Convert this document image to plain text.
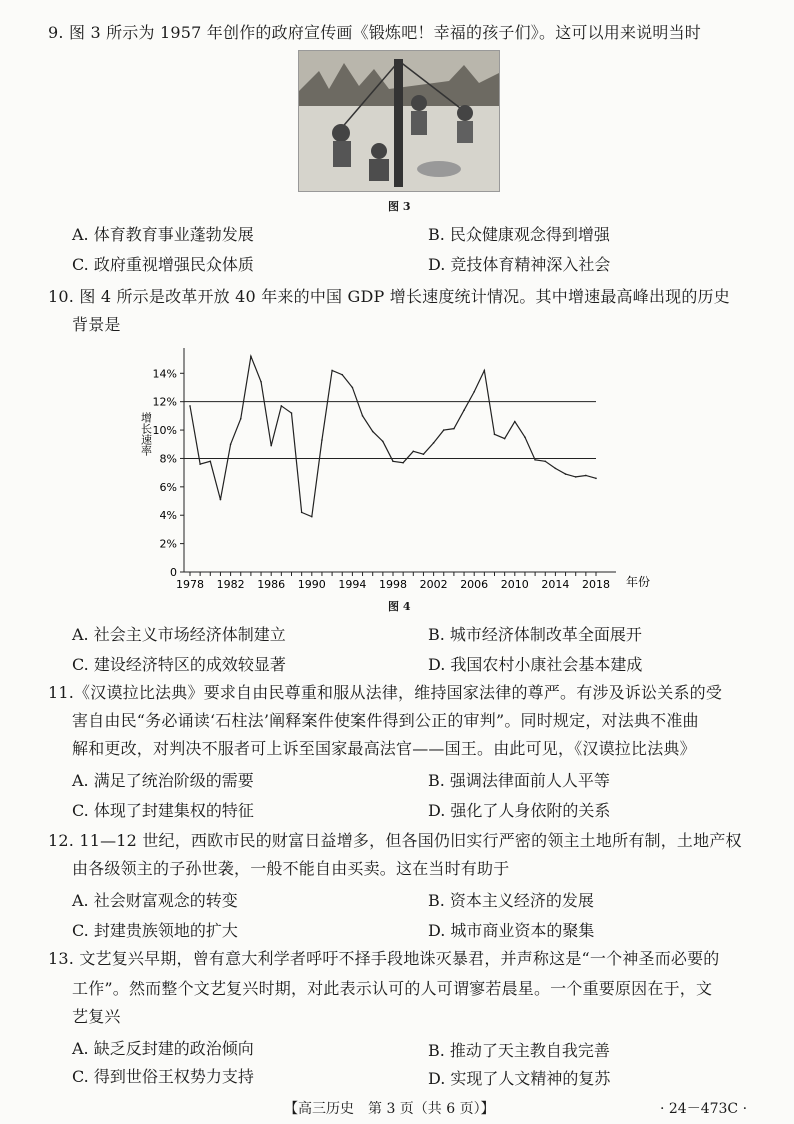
9. 图 3 所示为 1957 年创作的政府宣传画《锻炼吧！幸福的孩子们》。这可以用来说明当时
图 3
A. 体育教育事业蓬勃发展	B. 民众健康观念得到增强
C. 政府重视增强民众体质	D. 竞技体育精神深入社会
10. 图 4 所示是改革开放 40 年来的中国 GDP 增长速度统计情况。其中增速最高峰出现的历史
背景是
增长速率
年份
0
2%
4%
6%
8%
10%
12%
14%
1978 1982 1986 1990 1994 1998 2002 2006 2010 2014 2018
图 4
A. 社会主义市场经济体制建立	B. 城市经济体制改革全面展开
C. 建设经济特区的成效较显著	D. 我国农村小康社会基本建成
11.《汉谟拉比法典》要求自由民尊重和服从法律，维持国家法律的尊严。有涉及诉讼关系的受
害自由民“务必诵读‘石柱法’阐释案件使案件得到公正的审判”。同时规定，对法典不准曲
解和更改，对判决不服者可上诉至国家最高法官——国王。由此可见，《汉谟拉比法典》
A. 满足了统治阶级的需要	B. 强调法律面前人人平等
C. 体现了封建集权的特征	D. 强化了人身依附的关系
12. 11—12 世纪，西欧市民的财富日益增多，但各国仍旧实行严密的领主土地所有制，土地产权
由各级领主的子孙世袭，一般不能自由买卖。这在当时有助于
A. 社会财富观念的转变	B. 资本主义经济的发展
C. 封建贵族领地的扩大	D. 城市商业资本的聚集
13. 文艺复兴早期，曾有意大利学者呼吁不择手段地诛灭暴君，并声称这是“一个神圣而必要的
工作”。然而整个文艺复兴时期，对此表示认可的人可谓寥若晨星。一个重要原因在于，文
艺复兴
A. 缺乏反封建的政治倾向	B. 推动了天主教自我完善
C. 得到世俗王权势力支持	D. 实现了人文精神的复苏
【高三历史　第 3 页（共 6 页）】	· 24－473C ·
